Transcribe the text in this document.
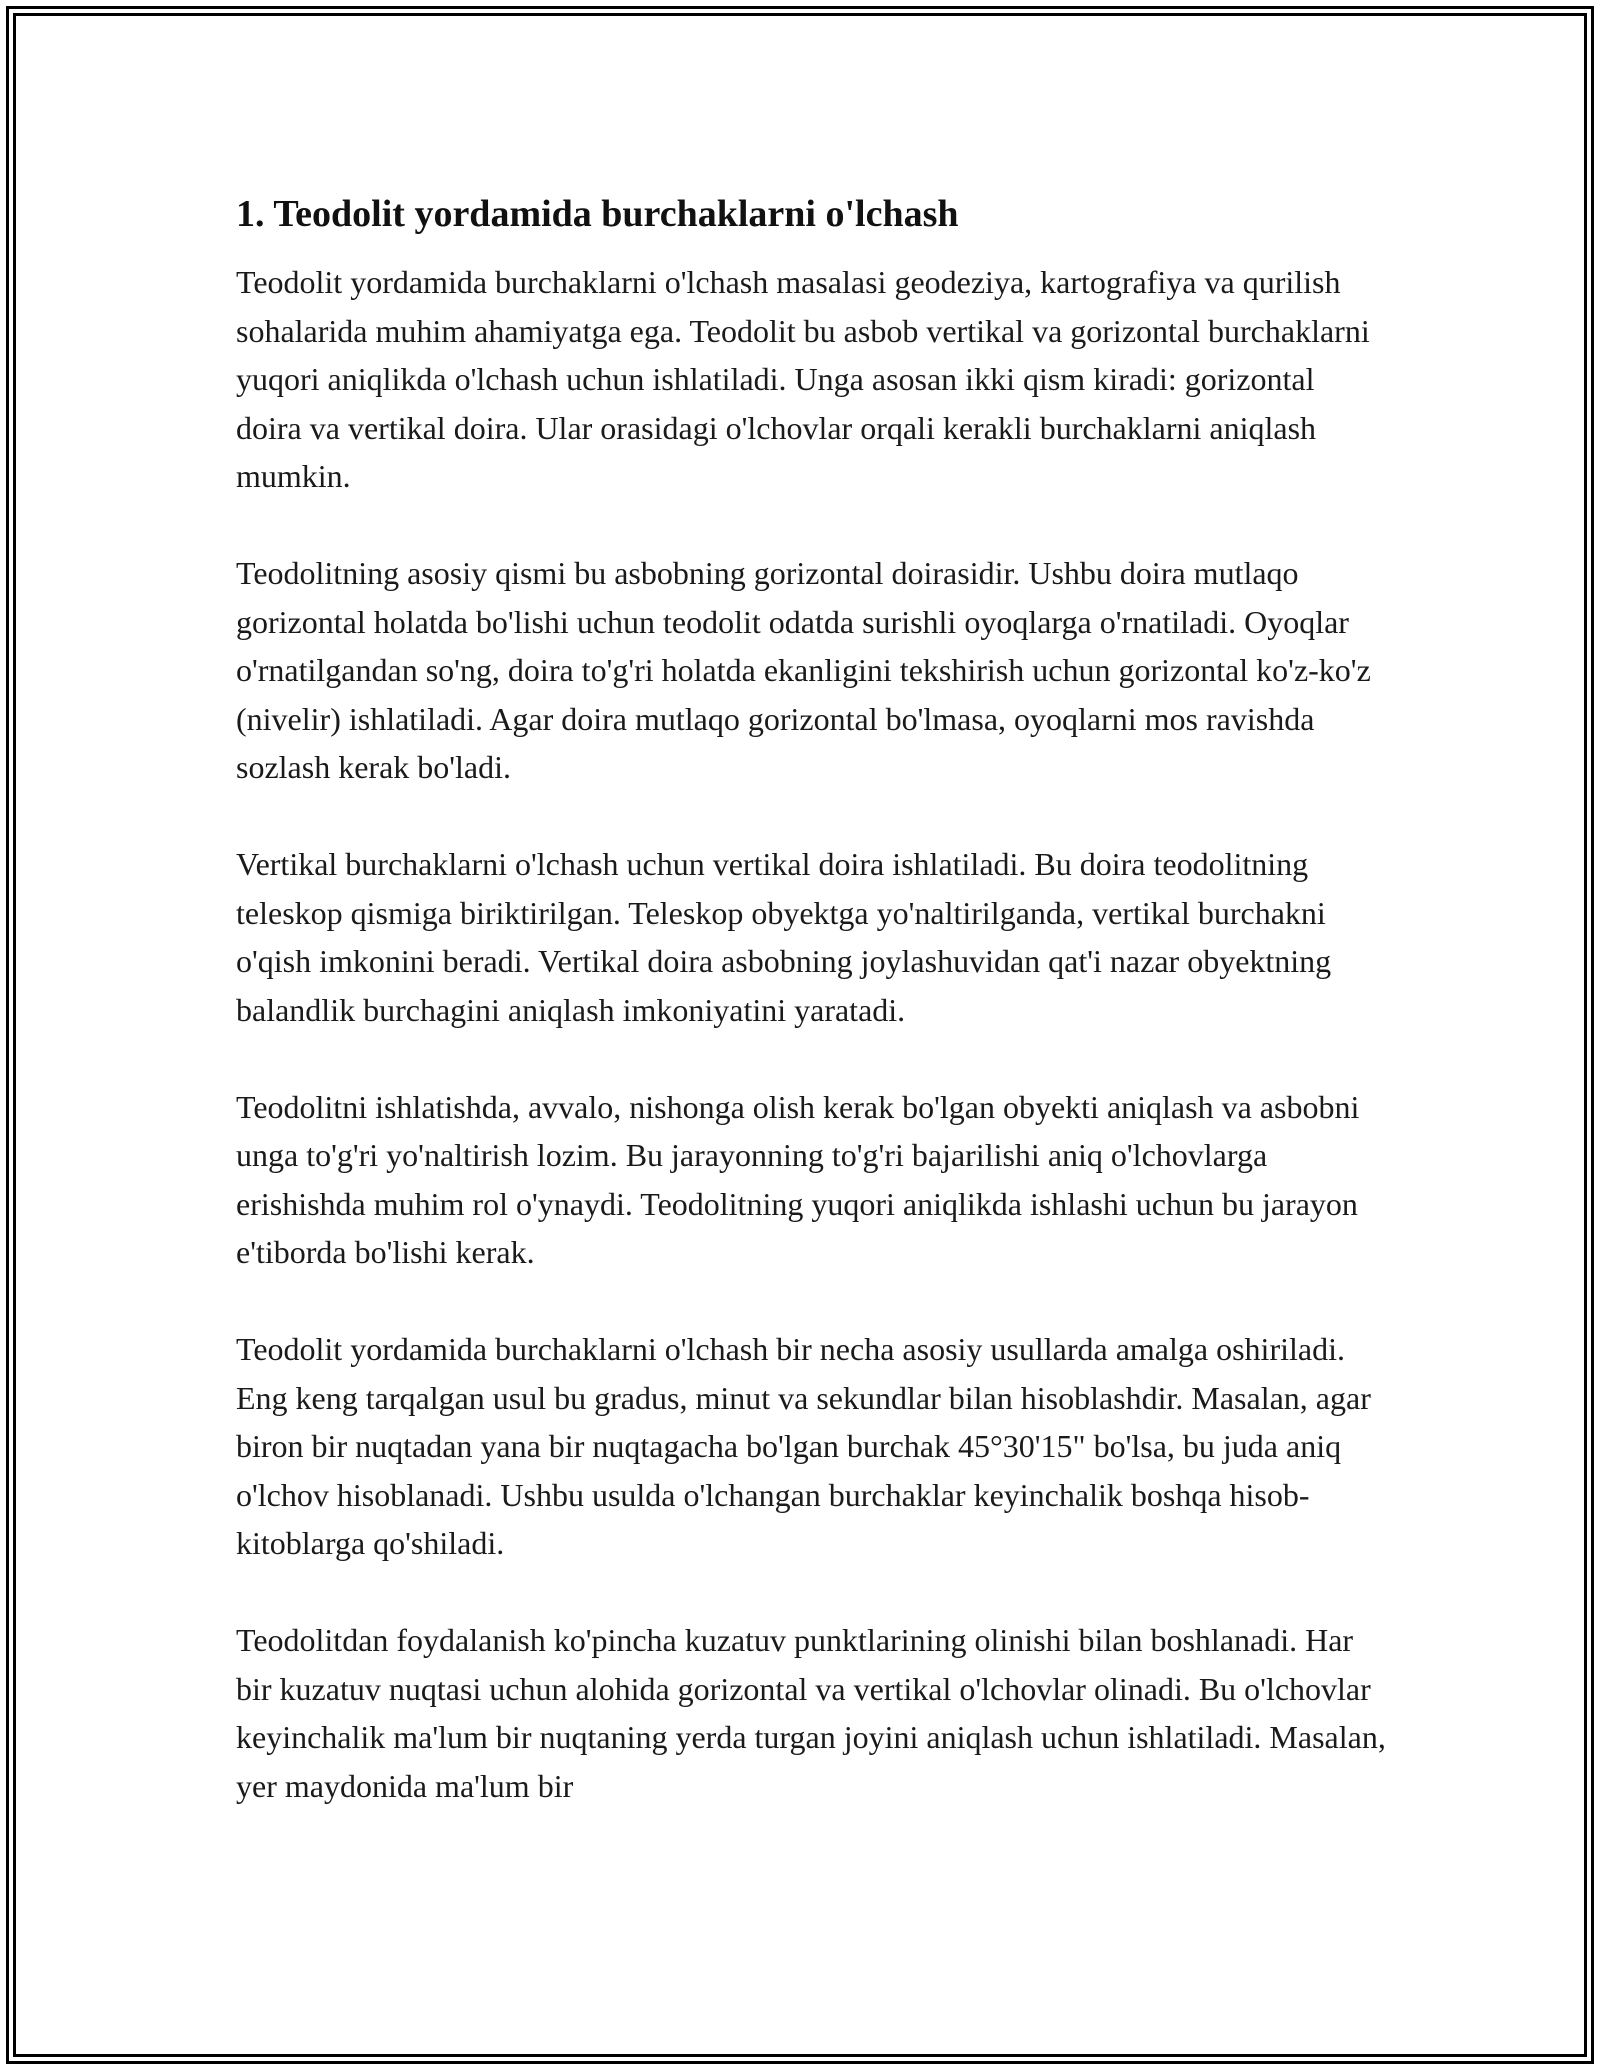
1. Teodolit yordamida burchaklarni o'lchash

Teodolit yordamida burchaklarni o'lchash masalasi geodeziya, kartografiya va qurilish sohalarida muhim ahamiyatga ega. Teodolit bu asbob vertikal va gorizontal burchaklarni yuqori aniqlikda o'lchash uchun ishlatiladi. Unga asosan ikki qism kiradi: gorizontal doira va vertikal doira. Ular orasidagi o'lchovlar orqali kerakli burchaklarni aniqlash mumkin.

Teodolitning asosiy qismi bu asbobning gorizontal doirasidir. Ushbu doira mutlaqo gorizontal holatda bo'lishi uchun teodolit odatda surishli oyoqlarga o'rnatiladi. Oyoqlar o'rnatilgandan so'ng, doira to'g'ri holatda ekanligini tekshirish uchun gorizontal ko'z-ko'z (nivelir) ishlatiladi. Agar doira mutlaqo gorizontal bo'lmasa, oyoqlarni mos ravishda sozlash kerak bo'ladi.

Vertikal burchaklarni o'lchash uchun vertikal doira ishlatiladi. Bu doira teodolitning teleskop qismiga biriktirilgan. Teleskop obyektga yo'naltirilganda, vertikal burchakni o'qish imkonini beradi. Vertikal doira asbobning joylashuvidan qat'i nazar obyektning balandlik burchagini aniqlash imkoniyatini yaratadi.

Teodolitni ishlatishda, avvalo, nishonga olish kerak bo'lgan obyekti aniqlash va asbobni unga to'g'ri yo'naltirish lozim. Bu jarayonning to'g'ri bajarilishi aniq o'lchovlarga erishishda muhim rol o'ynaydi. Teodolitning yuqori aniqlikda ishlashi uchun bu jarayon e'tiborda bo'lishi kerak.

Teodolit yordamida burchaklarni o'lchash bir necha asosiy usullarda amalga oshiriladi. Eng keng tarqalgan usul bu gradus, minut va sekundlar bilan hisoblashdir. Masalan, agar biron bir nuqtadan yana bir nuqtagacha bo'lgan burchak 45°30'15" bo'lsa, bu juda aniq o'lchov hisoblanadi. Ushbu usulda o'lchangan burchaklar keyinchalik boshqa hisob-kitoblarga qo'shiladi.

Teodolitdan foydalanish ko'pincha kuzatuv punktlarining olinishi bilan boshlanadi. Har bir kuzatuv nuqtasi uchun alohida gorizontal va vertikal o'lchovlar olinadi. Bu o'lchovlar keyinchalik ma'lum bir nuqtaning yerda turgan joyini aniqlash uchun ishlatiladi. Masalan, yer maydonida ma'lum bir
